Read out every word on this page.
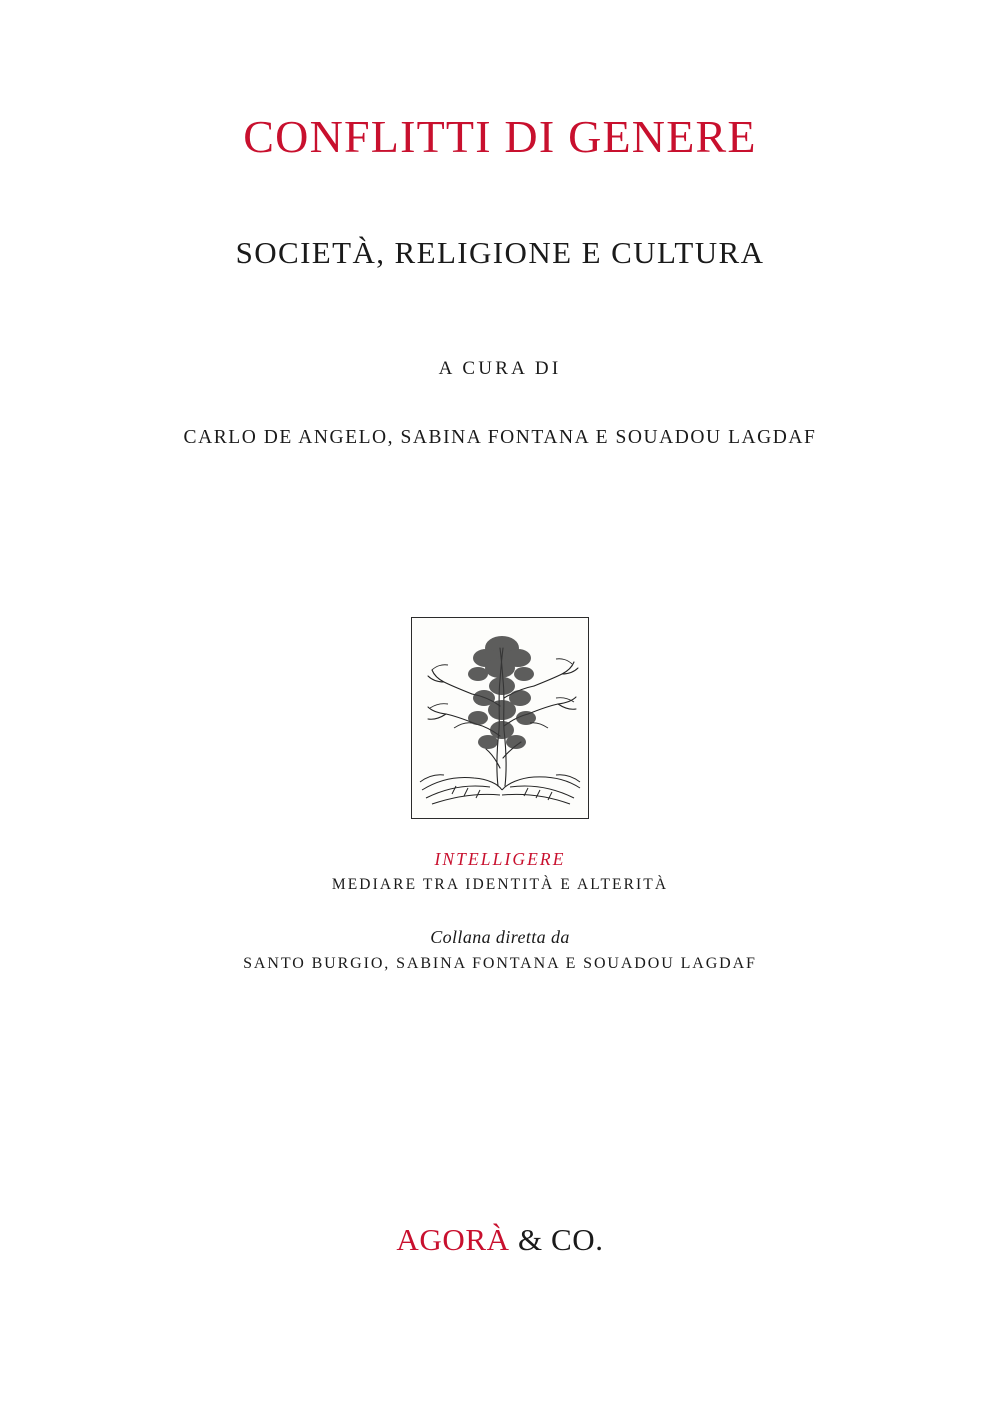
CONFLITTI DI GENERE
SOCIETÀ, RELIGIONE E CULTURA

A CURA DI

CARLO DE ANGELO, SABINA FONTANA E SOUADOU LAGDAF

INTELLIGERE

MEDIARE TRA IDENTITÀ E ALTERITÀ

Collana diretta da

SANTO BURGIO, SABINA FONTANA E SOUADOU LAGDAF

AGORÀ & CO.
